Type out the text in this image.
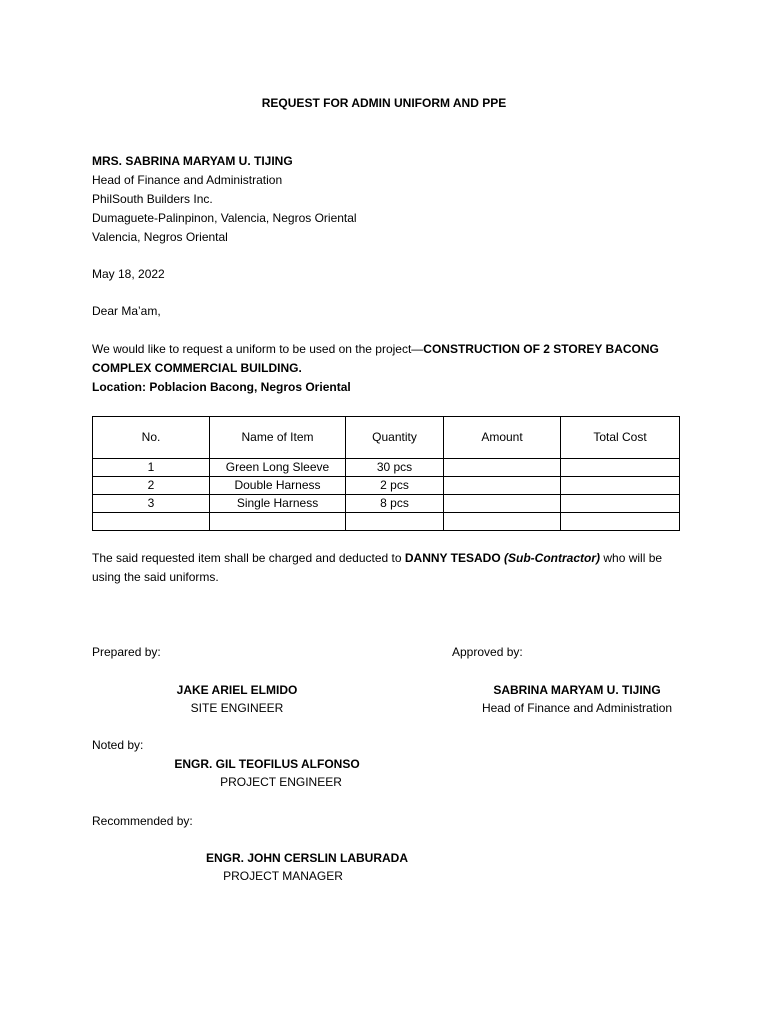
REQUEST FOR ADMIN UNIFORM AND PPE
MRS. SABRINA MARYAM U. TIJING
Head of Finance and Administration
PhilSouth Builders Inc.
Dumaguete-Palinpinon, Valencia, Negros Oriental
Valencia, Negros Oriental
May 18, 2022
Dear Ma’am,
We would like to request a uniform to be used on the project—CONSTRUCTION OF 2 STOREY BACONG COMPLEX COMMERCIAL BUILDING.
Location: Poblacion Bacong, Negros Oriental
No.	Name of Item	Quantity	Amount	Total Cost
1	Green Long Sleeve	30 pcs		
2	Double Harness	2 pcs		
3	Single Harness	8 pcs		

The said requested item shall be charged and deducted to DANNY TESADO (Sub-Contractor) who will be using the said uniforms.
Prepared by:	Approved by:
JAKE ARIEL ELMIDO
SITE ENGINEER
SABRINA MARYAM U. TIJING
Head of Finance and Administration
Noted by:
ENGR. GIL TEOFILUS ALFONSO
PROJECT ENGINEER
Recommended by:
ENGR. JOHN CERSLIN LABURADA
PROJECT MANAGER
